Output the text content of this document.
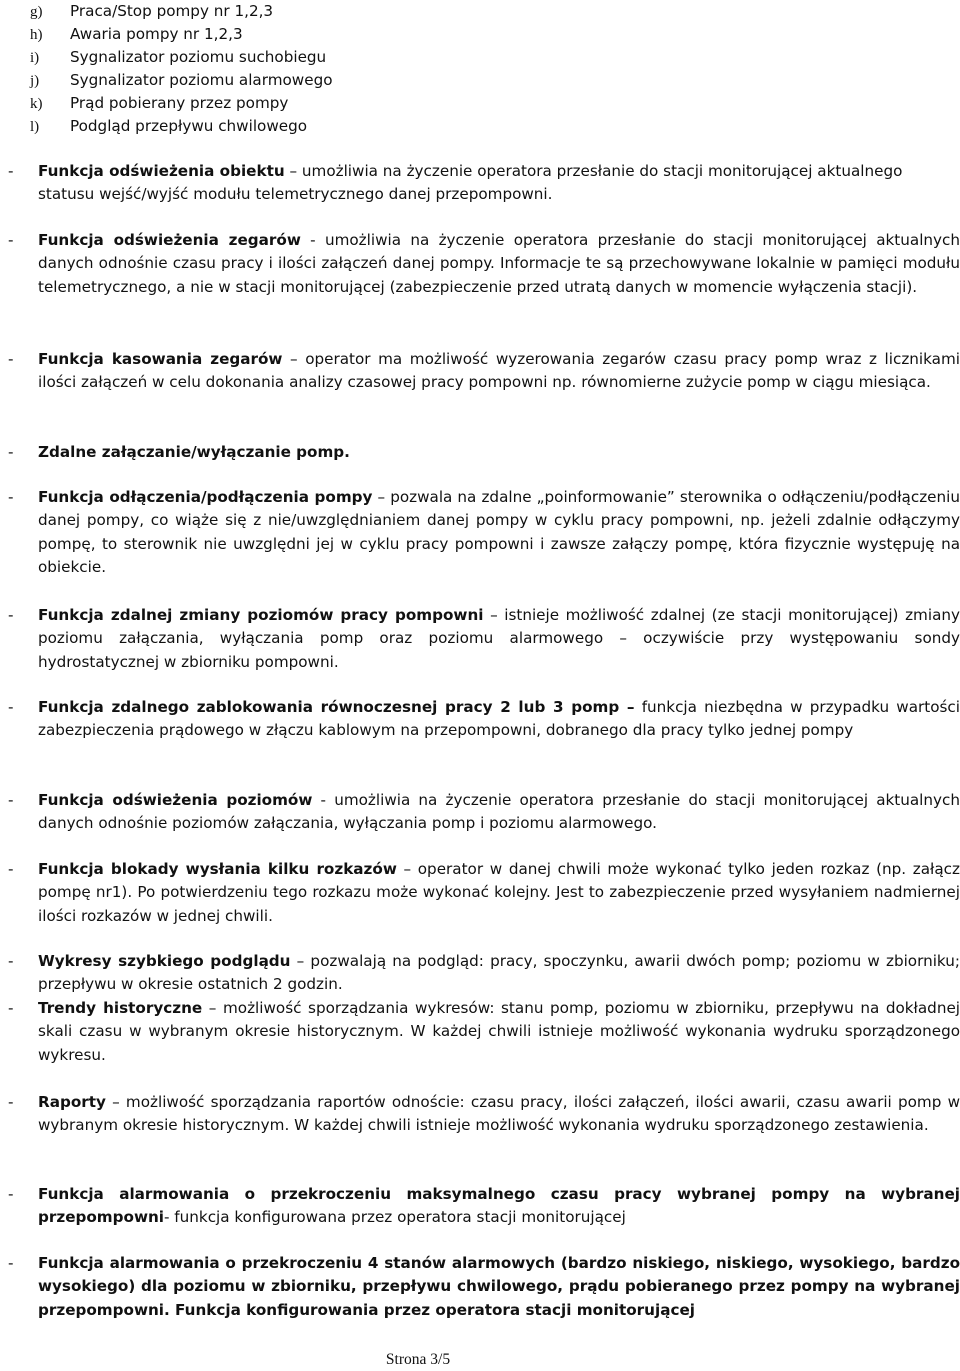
g) Praca/Stop pompy nr 1,2,3
h) Awaria pompy nr 1,2,3
i) Sygnalizator poziomu suchobiegu
j) Sygnalizator poziomu alarmowego
k) Prąd pobierany przez pompy
l) Podgląd przepływu chwilowego
-	Funkcja odświeżenia obiektu – umożliwia na życzenie operatora przesłanie do stacji monitorującej aktualnego statusu wejść/wyjść modułu telemetrycznego danej przepompowni.
-	Funkcja odświeżenia zegarów - umożliwia na życzenie operatora przesłanie do stacji monitorującej aktualnych danych odnośnie czasu pracy i ilości załączeń danej pompy. Informacje te są przechowywane lokalnie w pamięci modułu telemetrycznego, a nie w stacji monitorującej (zabezpieczenie przed utratą danych w momencie wyłączenia stacji).
-	Funkcja kasowania zegarów – operator ma możliwość wyzerowania zegarów czasu pracy pomp wraz z licznikami ilości załączeń w celu dokonania analizy czasowej pracy pompowni np. równomierne zużycie pomp w ciągu miesiąca.
-	Zdalne załączanie/wyłączanie pomp.
-	Funkcja odłączenia/podłączenia pompy – pozwala na zdalne „poinformowanie” sterownika o odłączeniu/podłączeniu danej pompy, co wiąże się z nie/uwzględnianiem danej pompy w cyklu pracy pompowni, np. jeżeli zdalnie odłączymy pompę, to sterownik nie uwzględni jej w cyklu pracy pompowni i zawsze załączy pompę, która fizycznie występuję na obiekcie.
-	Funkcja zdalnej zmiany poziomów pracy pompowni – istnieje możliwość zdalnej (ze stacji monitorującej) zmiany poziomu załączania, wyłączania pomp oraz poziomu alarmowego – oczywiście przy występowaniu sondy hydrostatycznej w zbiorniku pompowni.
-	Funkcja zdalnego zablokowania równoczesnej pracy 2 lub 3 pomp – funkcja niezbędna w przypadku wartości zabezpieczenia prądowego w złączu kablowym na przepompowni, dobranego dla pracy tylko jednej pompy
-	Funkcja odświeżenia poziomów - umożliwia na życzenie operatora przesłanie do stacji monitorującej aktualnych danych odnośnie poziomów załączania, wyłączania pomp i poziomu alarmowego.
-	Funkcja blokady wysłania kilku rozkazów – operator w danej chwili może wykonać tylko jeden rozkaz (np. załącz pompę nr1). Po potwierdzeniu tego rozkazu może wykonać kolejny. Jest to zabezpieczenie przed wysyłaniem nadmiernej ilości rozkazów w jednej chwili.
-	Wykresy szybkiego podglądu – pozwalają na podgląd: pracy, spoczynku, awarii dwóch pomp; poziomu w zbiorniku; przepływu w okresie ostatnich 2 godzin.
-	Trendy historyczne – możliwość sporządzania wykresów: stanu pomp, poziomu w zbiorniku, przepływu na dokładnej skali czasu w wybranym okresie historycznym. W każdej chwili istnieje możliwość wykonania wydruku sporządzonego wykresu.
-	Raporty – możliwość sporządzania raportów odnoście: czasu pracy, ilości załączeń, ilości awarii, czasu awarii pomp w wybranym okresie historycznym. W każdej chwili istnieje możliwość wykonania wydruku sporządzonego zestawienia.
-	Funkcja alarmowania o przekroczeniu maksymalnego czasu pracy wybranej pompy na wybranej przepompowni- funkcja konfigurowana przez operatora stacji monitorującej
-	Funkcja alarmowania o przekroczeniu 4 stanów alarmowych (bardzo niskiego, niskiego, wysokiego, bardzo wysokiego) dla poziomu w zbiorniku, przepływu chwilowego, prądu pobieranego przez pompy na wybranej przepompowni. Funkcja konfigurowania przez operatora stacji monitorującej
Strona 3/5
